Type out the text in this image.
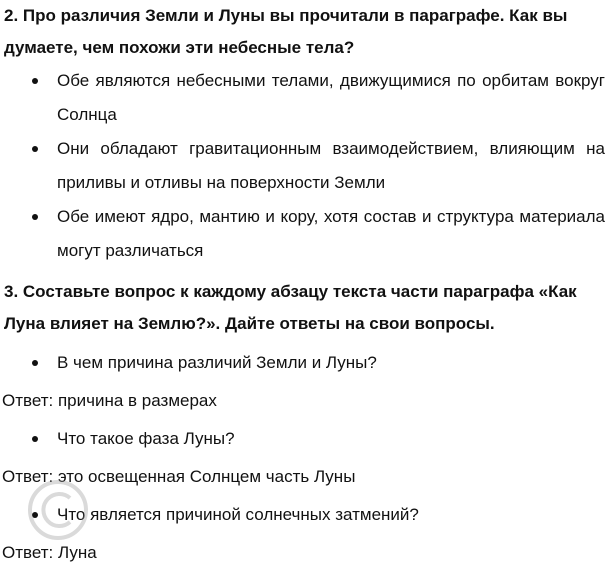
2. Про различия Земли и Луны вы прочитали в параграфе. Как вы думаете, чем похожи эти небесные тела?
Обе являются небесными телами, движущимися по орбитам вокруг Солнца
Они обладают гравитационным взаимодействием, влияющим на приливы и отливы на поверхности Земли
Обе имеют ядро, мантию и кору, хотя состав и структура материала могут различаться
3. Составьте вопрос к каждому абзацу текста части параграфа «Как Луна влияет на Землю?». Дайте ответы на свои вопросы.
В чем причина различий Земли и Луны?
Ответ: причина в размерах
Что такое фаза Луны?
Ответ: это освещенная Солнцем часть Луны
Что является причиной солнечных затмений?
Ответ: Луна
